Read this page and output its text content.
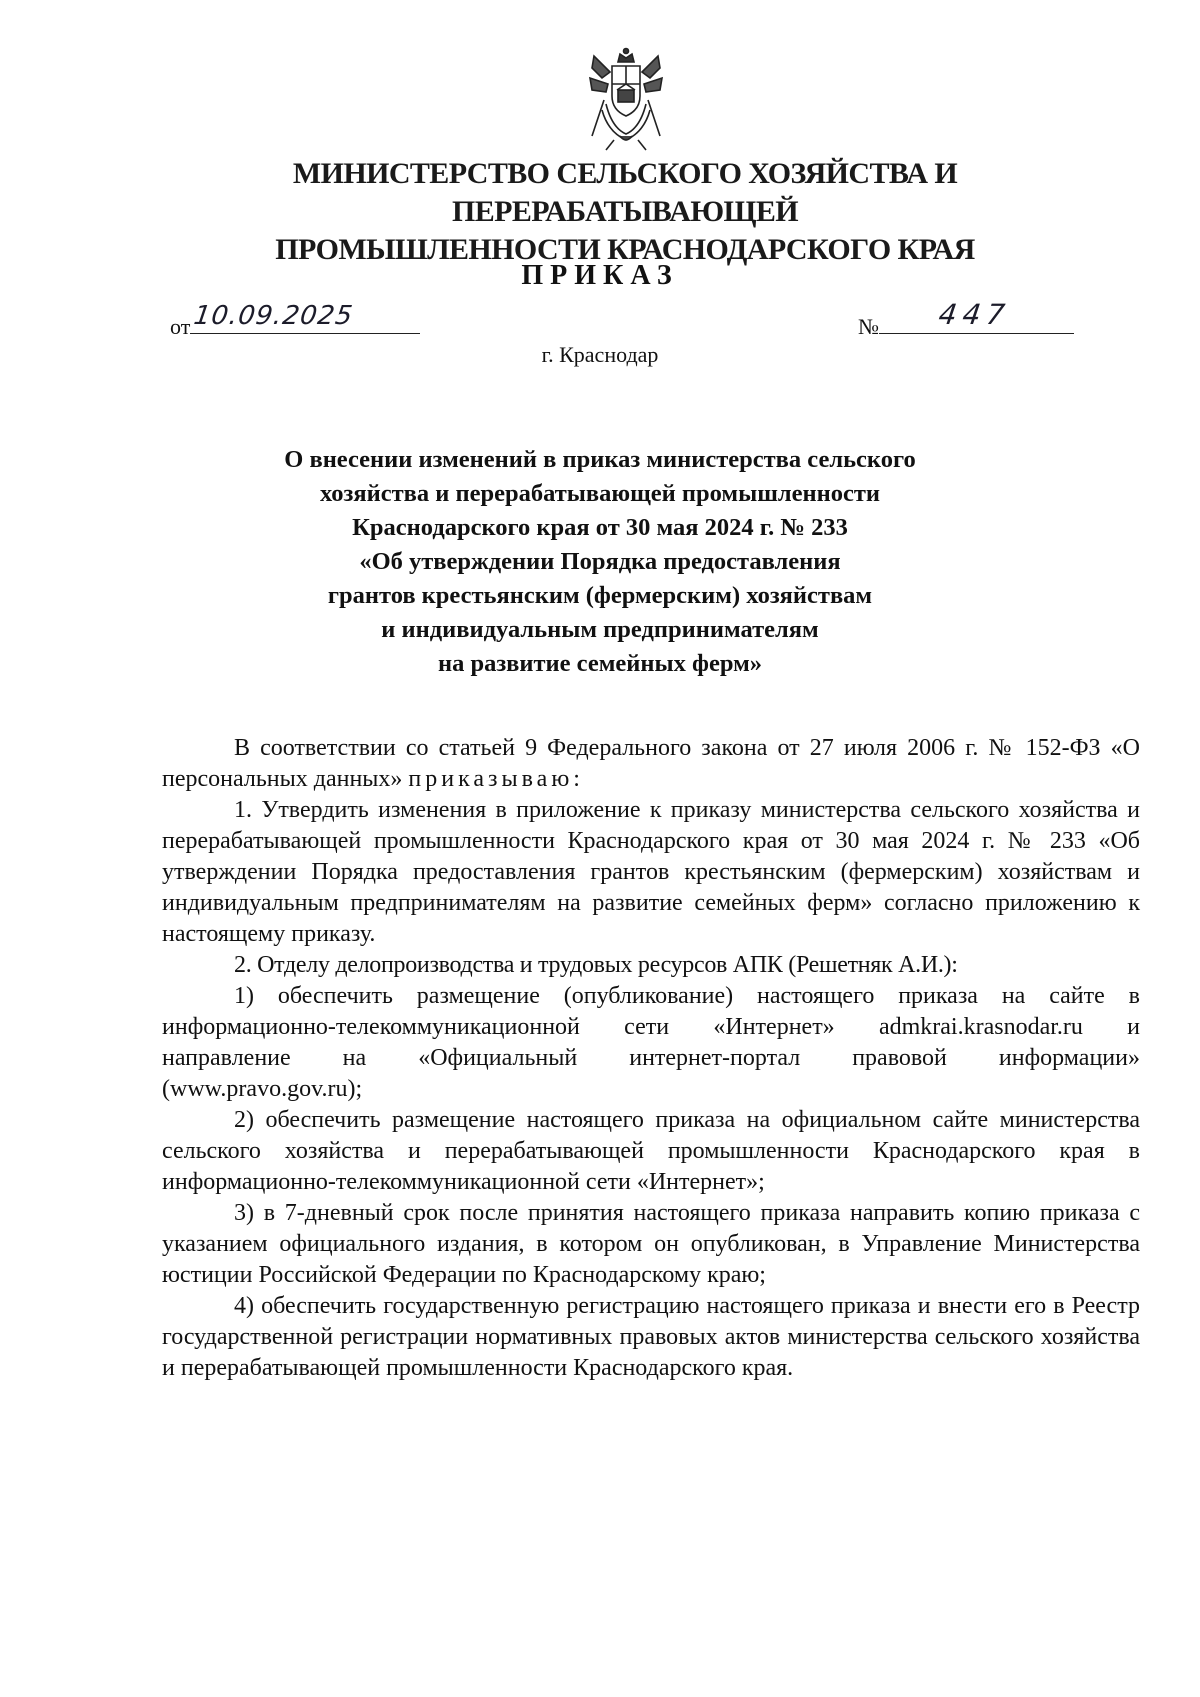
МИНИСТЕРСТВО СЕЛЬСКОГО ХОЗЯЙСТВА И ПЕРЕРАБАТЫВАЮЩЕЙ
ПРОМЫШЛЕННОСТИ КРАСНОДАРСКОГО КРАЯ
ПРИКАЗ
от 10.09.2025	№ 447
г. Краснодар
О внесении изменений в приказ министерства сельского
хозяйства и перерабатывающей промышленности
Краснодарского края от 30 мая 2024 г. № 233
«Об утверждении Порядка предоставления
грантов крестьянским (фермерским) хозяйствам
и индивидуальным предпринимателям
на развитие семейных ферм»

В соответствии со статьей 9 Федерального закона от 27 июля 2006 г. № 152-ФЗ «О персональных данных» приказываю:

1. Утвердить изменения в приложение к приказу министерства сельского хозяйства и перерабатывающей промышленности Краснодарского края от 30 мая 2024 г. № 233 «Об утверждении Порядка предоставления грантов крестьянским (фермерским) хозяйствам и индивидуальным предпринимателям на развитие семейных ферм» согласно приложению к настоящему приказу.

2. Отделу делопроизводства и трудовых ресурсов АПК (Решетняк А.И.):

1) обеспечить размещение (опубликование) настоящего приказа на сайте в информационно-телекоммуникационной сети «Интернет» admkrai.krasnodar.ru и направление на «Официальный интернет-портал правовой информации» (www.pravo.gov.ru);

2) обеспечить размещение настоящего приказа на официальном сайте министерства сельского хозяйства и перерабатывающей промышленности Краснодарского края в информационно-телекоммуникационной сети «Интернет»;

3) в 7-дневный срок после принятия настоящего приказа направить копию приказа с указанием официального издания, в котором он опубликован, в Управление Министерства юстиции Российской Федерации по Краснодарскому краю;

4) обеспечить государственную регистрацию настоящего приказа и внести его в Реестр государственной регистрации нормативных правовых актов министерства сельского хозяйства и перерабатывающей промышленности Краснодарского края.
